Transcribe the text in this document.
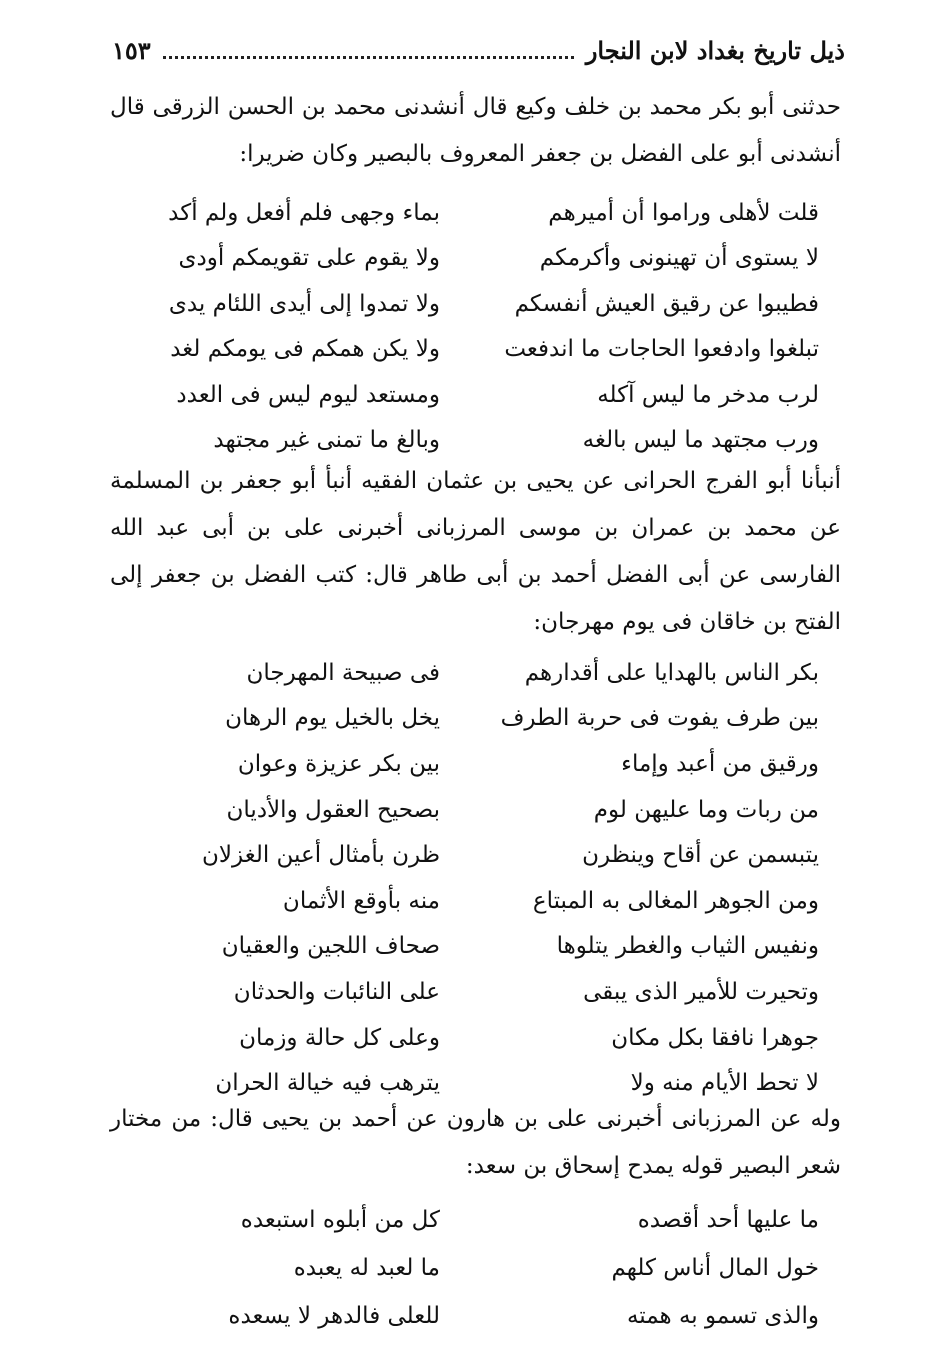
ذيل تاريخ بغداد لابن النجار
١٥٣
حدثنى أبو بكر محمد بن خلف وكيع قال أنشدنى محمد بن الحسن الزرقى قال أنشدنى أبو على الفضل بن جعفر المعروف بالبصير وكان ضريرا:
قلت لأهلى وراموا أن أميرهم
بماء وجهى فلم أفعل ولم أكد
لا يستوى أن تهينونى وأكرمكم
ولا يقوم على تقويمكم أودى
فطيبوا عن رقيق العيش أنفسكم
ولا تمدوا إلى أيدى اللئام يدى
تبلغوا وادفعوا الحاجات ما اندفعت
ولا يكن همكم فى يومكم لغد
لرب مدخر ما ليس آكله
ومستعد ليوم ليس فى العدد
ورب مجتهد ما ليس بالغه
وبالغ ما تمنى غير مجتهد
أنبأنا أبو الفرج الحرانى عن يحيى بن عثمان الفقيه أنبأ أبو جعفر بن المسلمة عن محمد بن عمران بن موسى المرزبانى أخبرنى على بن أبى عبد الله الفارسى عن أبى الفضل أحمد بن أبى طاهر قال: كتب الفضل بن جعفر إلى الفتح بن خاقان فى يوم مهرجان:
بكر الناس بالهدايا على أقدارهم
فى صبيحة المهرجان
بين طرف يفوت فى حربة الطرف
يخل بالخيل يوم الرهان
ورقيق من أعبد وإماء
بين بكر عزيزة وعوان
من ربات وما عليهن لوم
بصحيح العقول والأديان
يتبسمن عن أقاح وينظرن
ظرن بأمثال أعين الغزلان
ومن الجوهر المغالى به المبتاع
منه بأوقع الأثمان
ونفيس الثياب والغطر يتلوها
صحاف اللجين والعقيان
وتحيرت للأمير الذى يبقى
على النائبات والحدثان
جوهرا نافقا بكل مكان
وعلى كل حالة وزمان
لا تحط الأيام منه ولا
يترهب فيه خيالة الحران
وله عن المرزبانى أخبرنى على بن هارون عن أحمد بن يحيى قال: من مختار شعر البصير قوله يمدح إسحاق بن سعد:
ما عليها أحد أقصده
كل من أبلوه استبعده
خول المال أناس كلهم
ما لعبد له يعبده
والذى تسمو به همته
للعلى فالدهر لا يسعده
